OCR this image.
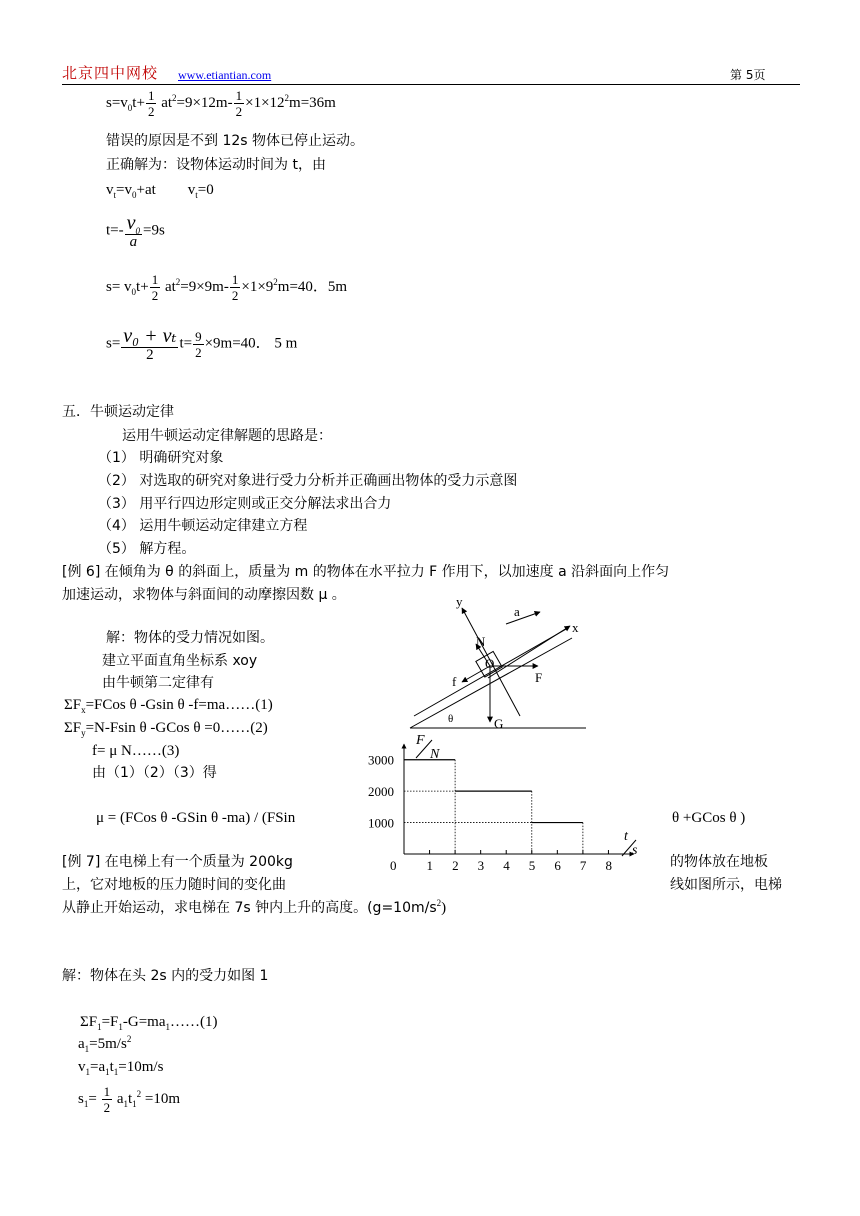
北京四中网校 www.etiantian.com	第 5页
$s=v_0t+ \frac{1}{2} at^2=9\times 12m- \frac{1}{2} \times 1\times 12^2m=36m$
错误的原因是不到 12s 物体已停止运动。
正确解为：设物体运动时间为 t，由
$v_t=v_0+at$ $v_t=0$
$t=- \frac{v_0}{a} =9s$
$s= v_0t+ \frac{1}{2} at^2=9\times 9m- \frac{1}{2} \times 1\times 9^2m=40$．5m
$s= \frac{\text{v₀ + vₜ}}{2} t= \frac{9}{2} \times 9m=40$． 5 m
五．牛顿运动定律
运用牛顿运动定律解题的思路是：
（1） 明确研究对象
（2） 对选取的研究对象进行受力分析并正确画出物体的受力示意图
（3） 用平行四边形定则或正交分解法求出合力
（4） 运用牛顿运动定律建立方程
（5） 解方程。
[例 6] 在倾角为 θ 的斜面上，质量为 m 的物体在水平拉力 F 作用下，以加速度 a 沿斜面向上作匀
加速运动，求物体与斜面间的动摩擦因数 μ 。
解：物体的受力情况如图。
建立平面直角坐标系 xoy
由牛顿第二定律有
$\Sigma F_x=FCos$ θ -Gsin θ -f=ma……(1)
$\Sigma F_y=N$-Fsin θ -GCos θ =0……(2)
f= μ N……(3)
由（1）（2）（3）得
μ = (FCos θ -GSin θ -ma) / (FSin	θ +GCos θ )
y
x
a
N
O
f	F
G
θ
0 1 2 3 4 5 6 7 8
1000
2000
3000
F
N
t
s
[例 7] 在电梯上有一个质量为 200kg	的物体放在地板
上，它对地板的压力随时间的变化曲	线如图所示，电梯
从静止开始运动，求电梯在 7s 钟内上升的高度。$(g=10m/s^2)$
解：物体在头 2s 内的受力如图 1
$\Sigma F_1=F_1-G=ma_1\dots\dots(1)$
$a_1=5m/s^2$
$v_1=a_1t_1=10m/s$
$s_1= \frac{1}{2} a_1t_1^2 =10m$
